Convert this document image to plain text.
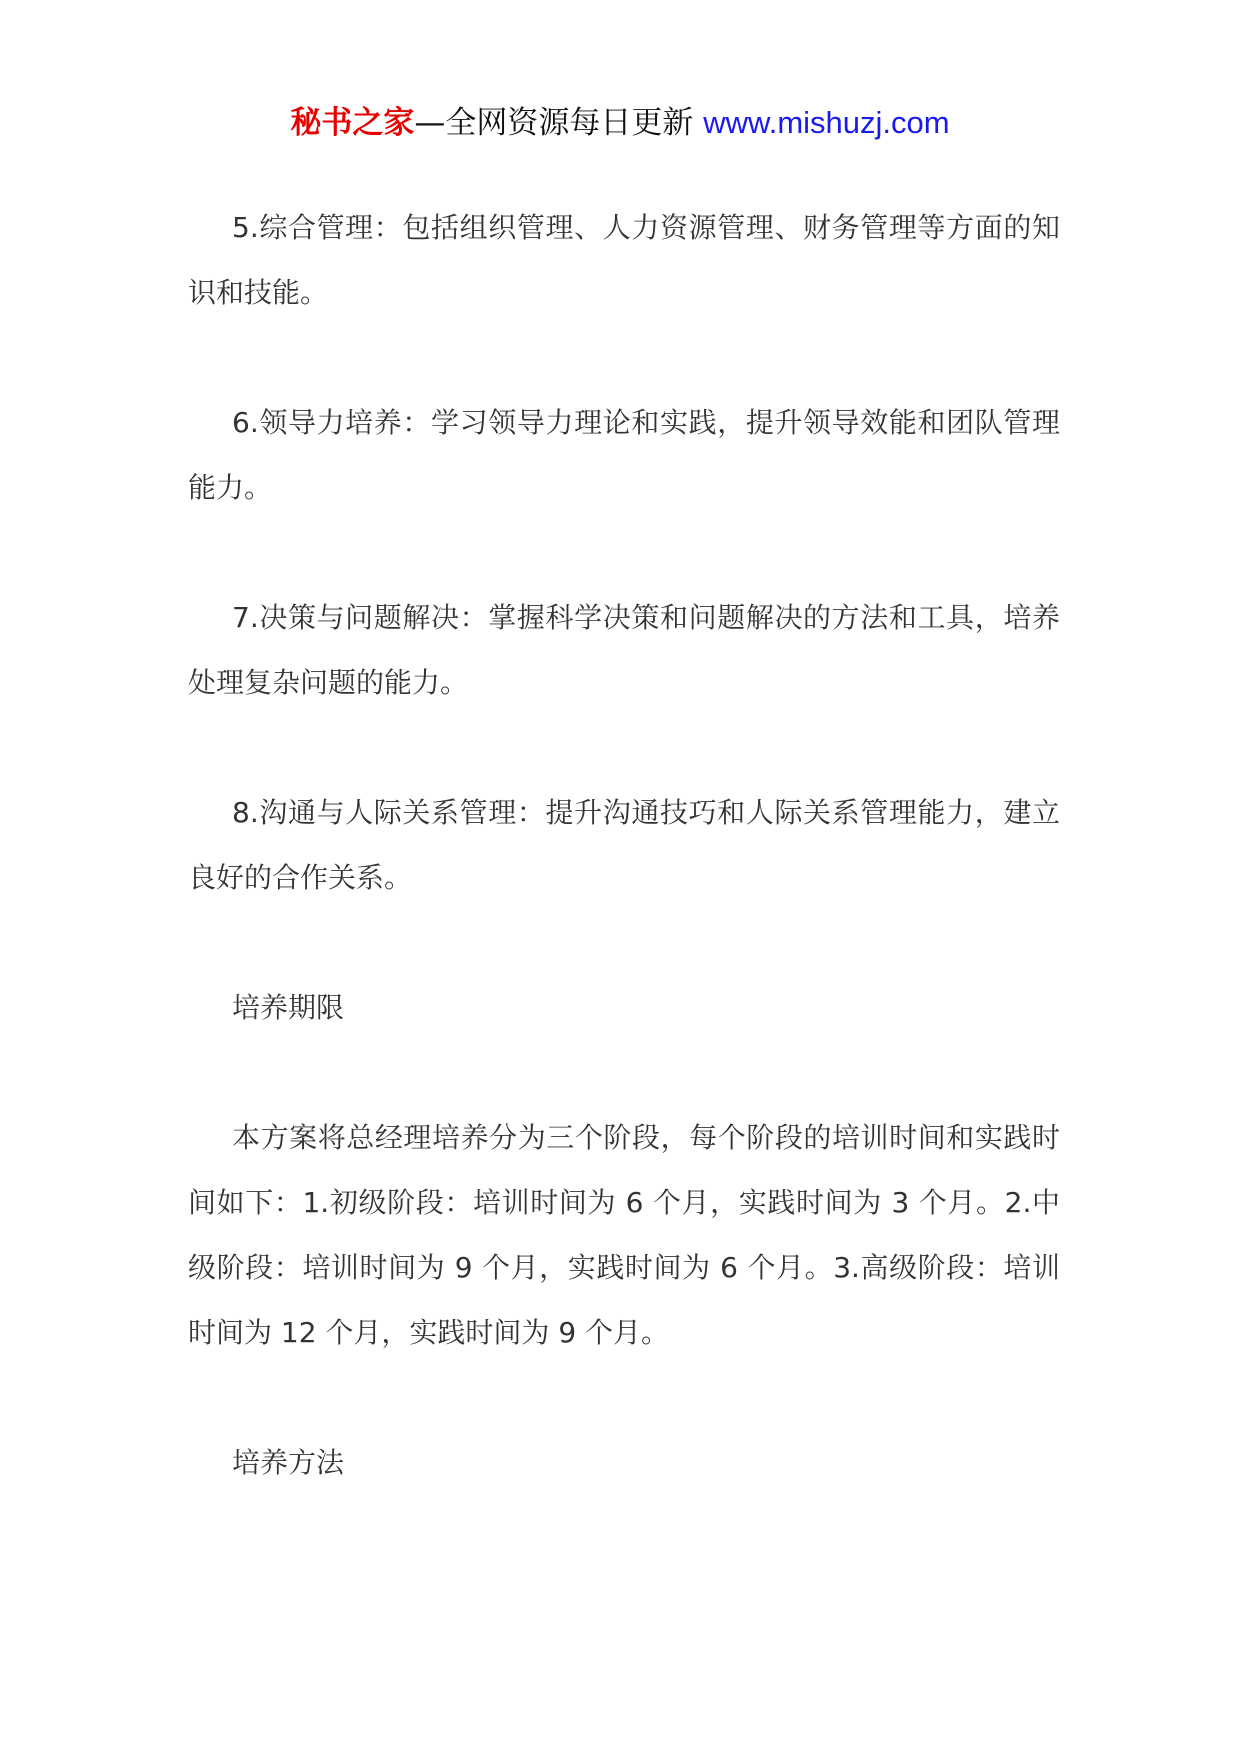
秘书之家—全网资源每日更新 www.mishuzj.com

5.综合管理：包括组织管理、人力资源管理、财务管理等方面的知识和技能。

6.领导力培养：学习领导力理论和实践，提升领导效能和团队管理能力。

7.决策与问题解决：掌握科学决策和问题解决的方法和工具，培养处理复杂问题的能力。

8.沟通与人际关系管理：提升沟通技巧和人际关系管理能力，建立良好的合作关系。

培养期限

本方案将总经理培养分为三个阶段，每个阶段的培训时间和实践时间如下：1.初级阶段：培训时间为 6 个月，实践时间为 3 个月。2.中级阶段：培训时间为 9 个月，实践时间为 6 个月。3.高级阶段：培训时间为 12 个月，实践时间为 9 个月。

培养方法
